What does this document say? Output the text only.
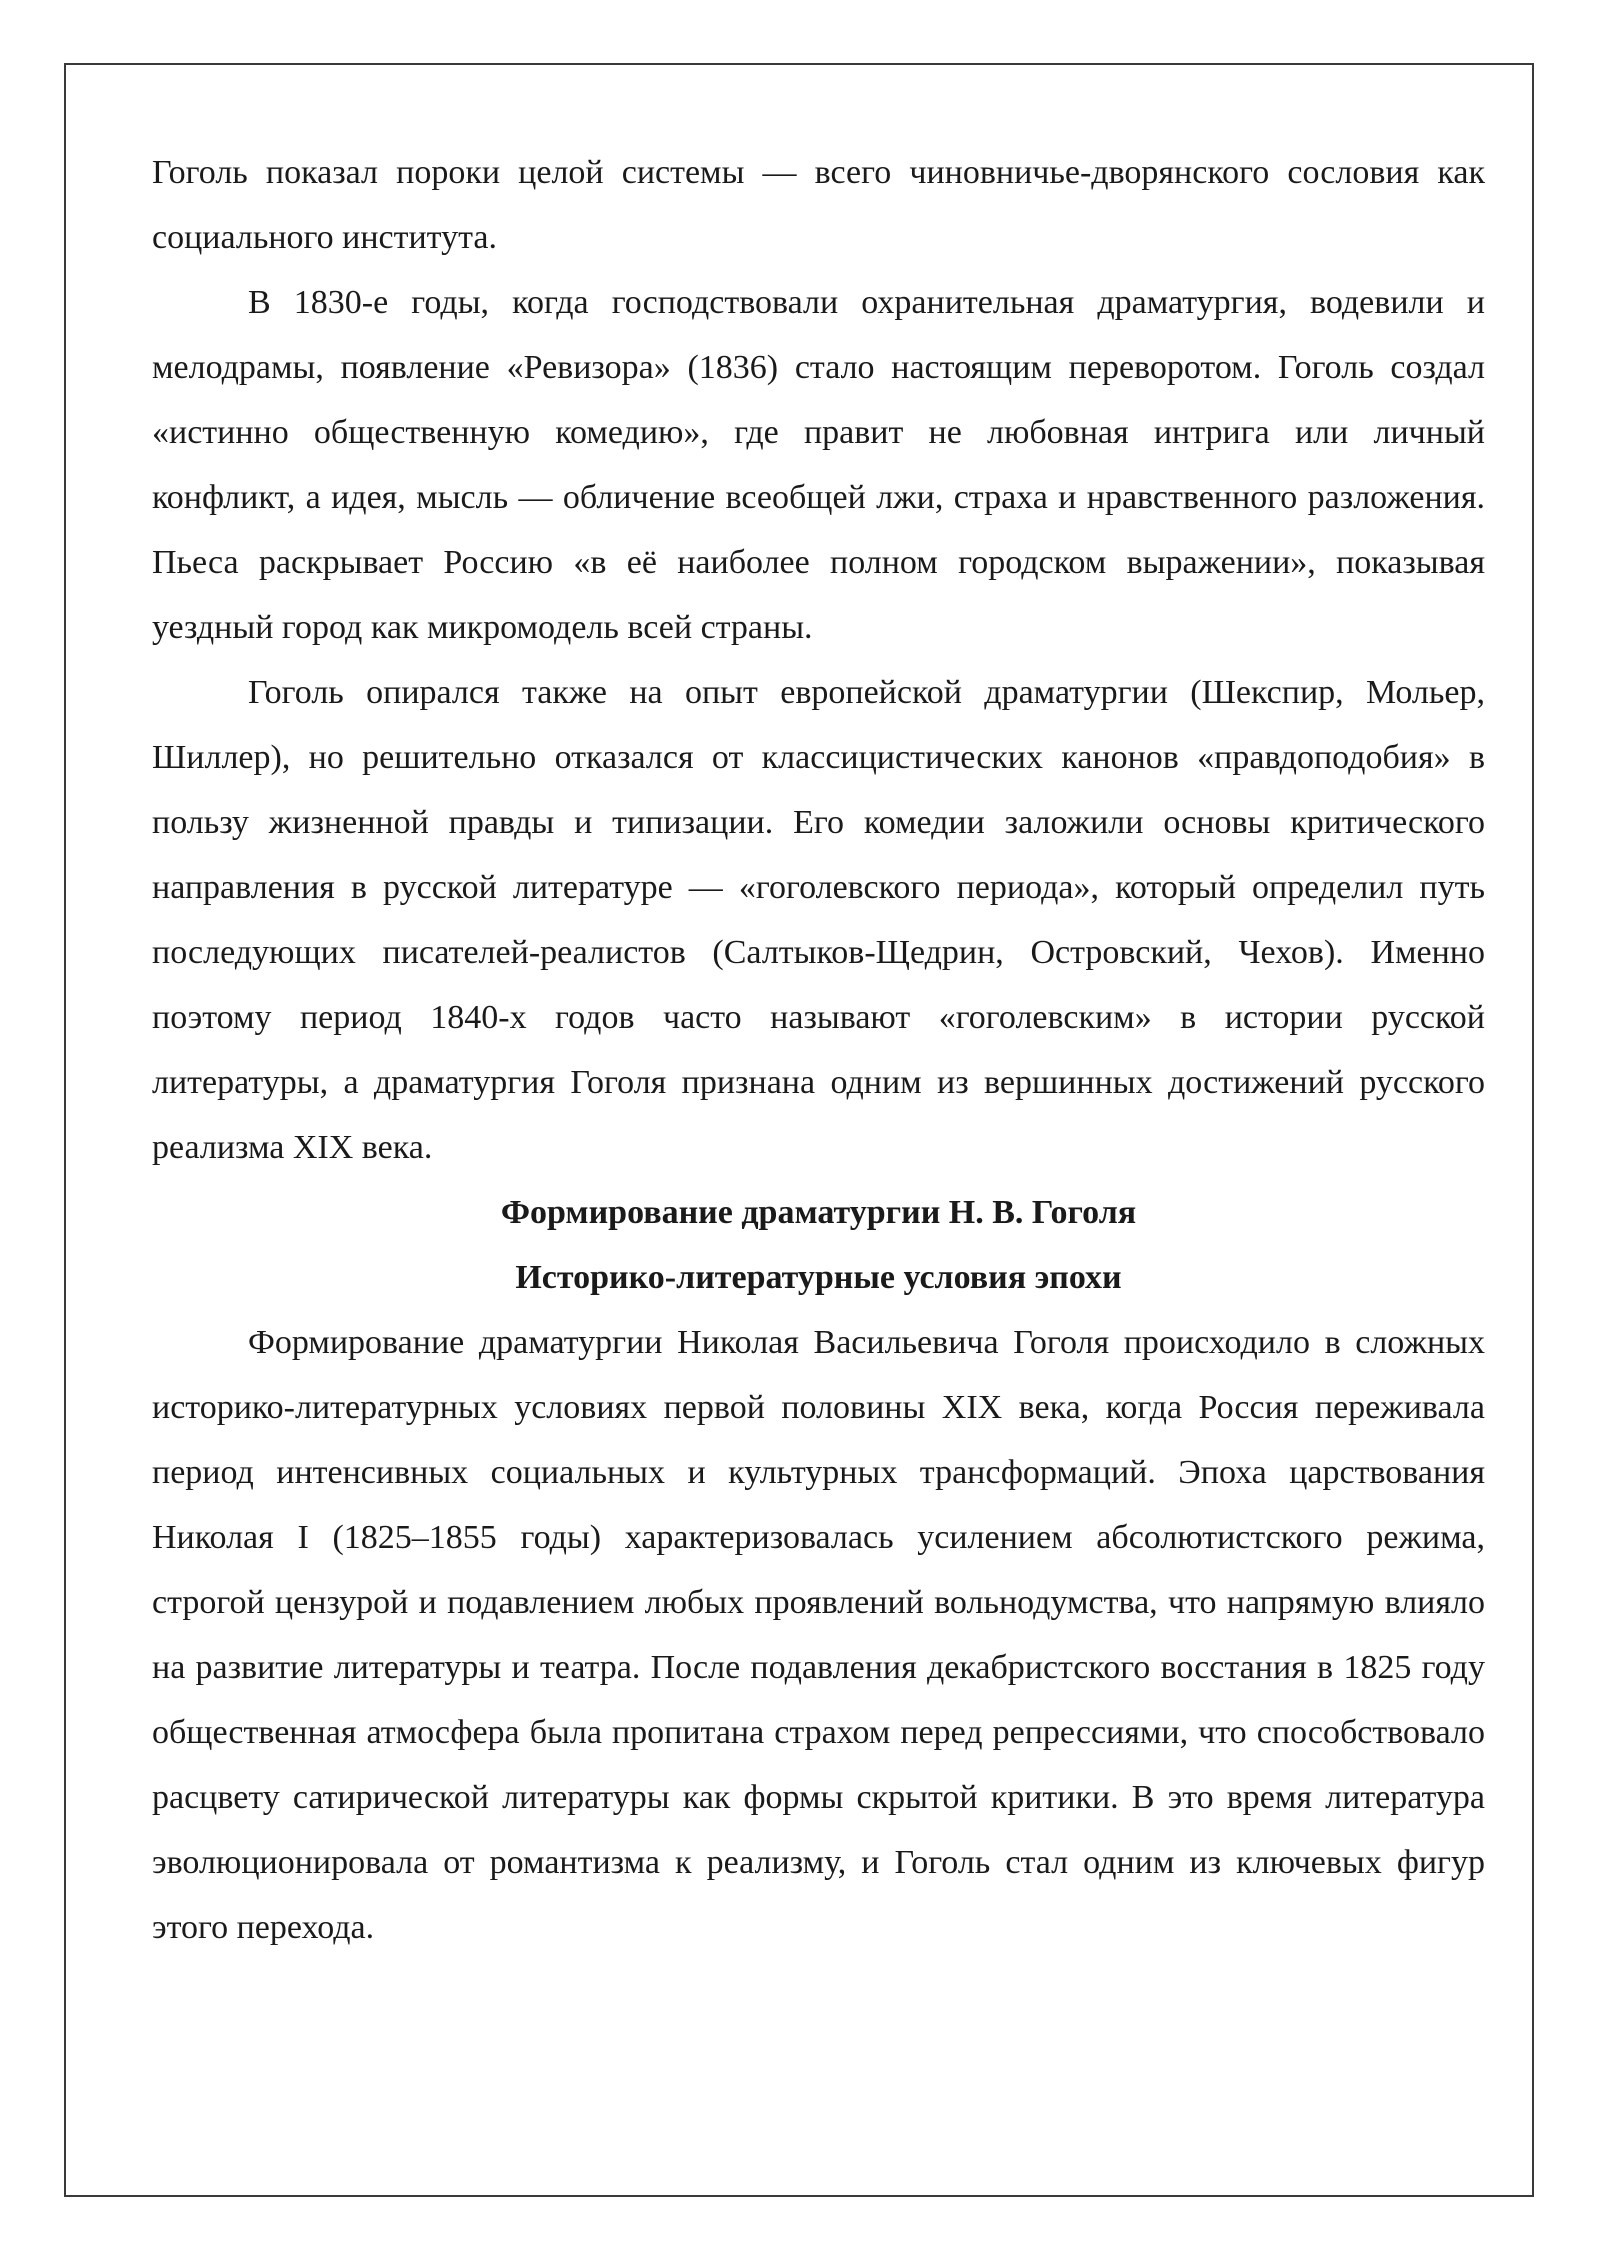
Гоголь показал пороки целой системы — всего чиновничье-дворянского сословия как социального института.

В 1830-е годы, когда господствовали охранительная драматургия, водевили и мелодрамы, появление «Ревизора» (1836) стало настоящим переворотом. Гоголь создал «истинно общественную комедию», где правит не любовная интрига или личный конфликт, а идея, мысль — обличение всеобщей лжи, страха и нравственного разложения. Пьеса раскрывает Россию «в её наиболее полном городском выражении», показывая уездный город как микромодель всей страны.

Гоголь опирался также на опыт европейской драматургии (Шекспир, Мольер, Шиллер), но решительно отказался от классицистических канонов «правдоподобия» в пользу жизненной правды и типизации. Его комедии заложили основы критического направления в русской литературе — «гоголевского периода», который определил путь последующих писателей-реалистов (Салтыков-Щедрин, Островский, Чехов). Именно поэтому период 1840-х годов часто называют «гоголевским» в истории русской литературы, а драматургия Гоголя признана одним из вершинных достижений русского реализма XIX века.

Формирование драматургии Н. В. Гоголя
Историко-литературные условия эпохи

Формирование драматургии Николая Васильевича Гоголя происходило в сложных историко-литературных условиях первой половины XIX века, когда Россия переживала период интенсивных социальных и культурных трансформаций. Эпоха царствования Николая I (1825–1855 годы) характеризовалась усилением абсолютистского режима, строгой цензурой и подавлением любых проявлений вольнодумства, что напрямую влияло на развитие литературы и театра. После подавления декабристского восстания в 1825 году общественная атмосфера была пропитана страхом перед репрессиями, что способствовало расцвету сатирической литературы как формы скрытой критики. В это время литература эволюционировала от романтизма к реализму, и Гоголь стал одним из ключевых фигур этого перехода.
